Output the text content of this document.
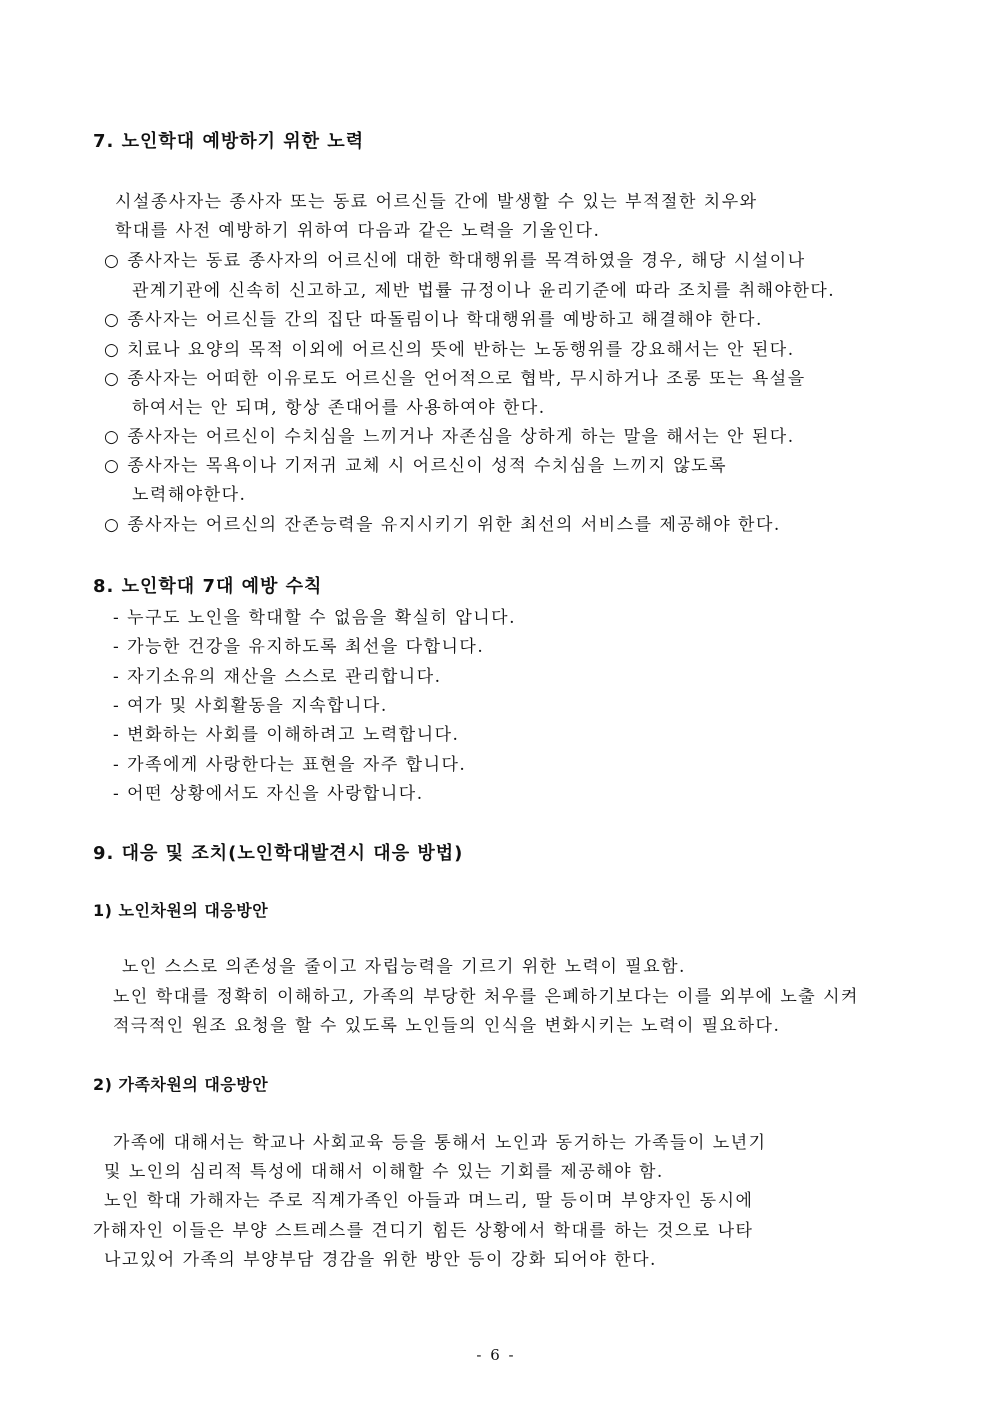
7. 노인학대 예방하기 위한 노력
시설종사자는 종사자 또는 동료 어르신들 간에 발생할 수 있는 부적절한 치우와
학대를 사전 예방하기 위하여 다음과 같은 노력을 기울인다.
○ 종사자는 동료 종사자의 어르신에 대한 학대행위를 목격하였을 경우, 해당 시설이나
관계기관에 신속히 신고하고, 제반 법률 규정이나 윤리기준에 따라 조치를 취해야한다.
○ 종사자는 어르신들 간의 집단 따돌림이나 학대행위를 예방하고 해결해야 한다.
○ 치료나 요양의 목적 이외에 어르신의 뜻에 반하는 노동행위를 강요해서는 안 된다.
○ 종사자는 어떠한 이유로도 어르신을 언어적으로 협박, 무시하거나 조롱 또는 욕설을
하여서는 안 되며, 항상 존대어를 사용하여야 한다.
○ 종사자는 어르신이 수치심을 느끼거나 자존심을 상하게 하는 말을 해서는 안 된다.
○ 종사자는 목욕이나 기저귀 교체 시 어르신이 성적 수치심을 느끼지 않도록
노력해야한다.
○ 종사자는 어르신의 잔존능력을 유지시키기 위한 최선의 서비스를 제공해야 한다.
8. 노인학대 7대 예방 수칙
- 누구도 노인을 학대할 수 없음을 확실히 압니다.
- 가능한 건강을 유지하도록 최선을 다합니다.
- 자기소유의 재산을 스스로 관리합니다.
- 여가 및 사회활동을 지속합니다.
- 변화하는 사회를 이해하려고 노력합니다.
- 가족에게 사랑한다는 표현을 자주 합니다.
- 어떤 상황에서도 자신을 사랑합니다.
9. 대응 및 조치(노인학대발견시 대응 방법)
1) 노인차원의 대응방안
노인 스스로 의존성을 줄이고 자립능력을 기르기 위한 노력이 필요함.
노인 학대를 정확히 이해하고, 가족의 부당한 처우를 은폐하기보다는 이를 외부에 노출 시켜
적극적인 원조 요청을 할 수 있도록 노인들의 인식을 변화시키는 노력이 필요하다.
2) 가족차원의 대응방안
가족에 대해서는 학교나 사회교육 등을 통해서 노인과 동거하는 가족들이 노년기
및 노인의 심리적 특성에 대해서 이해할 수 있는 기회를 제공해야 함.
노인 학대 가해자는 주로 직계가족인 아들과 며느리, 딸 등이며 부양자인 동시에
가해자인 이들은 부양 스트레스를 견디기 힘든 상황에서 학대를 하는 것으로 나타
나고있어 가족의 부양부담 경감을 위한 방안 등이 강화 되어야 한다.
- 6 -
